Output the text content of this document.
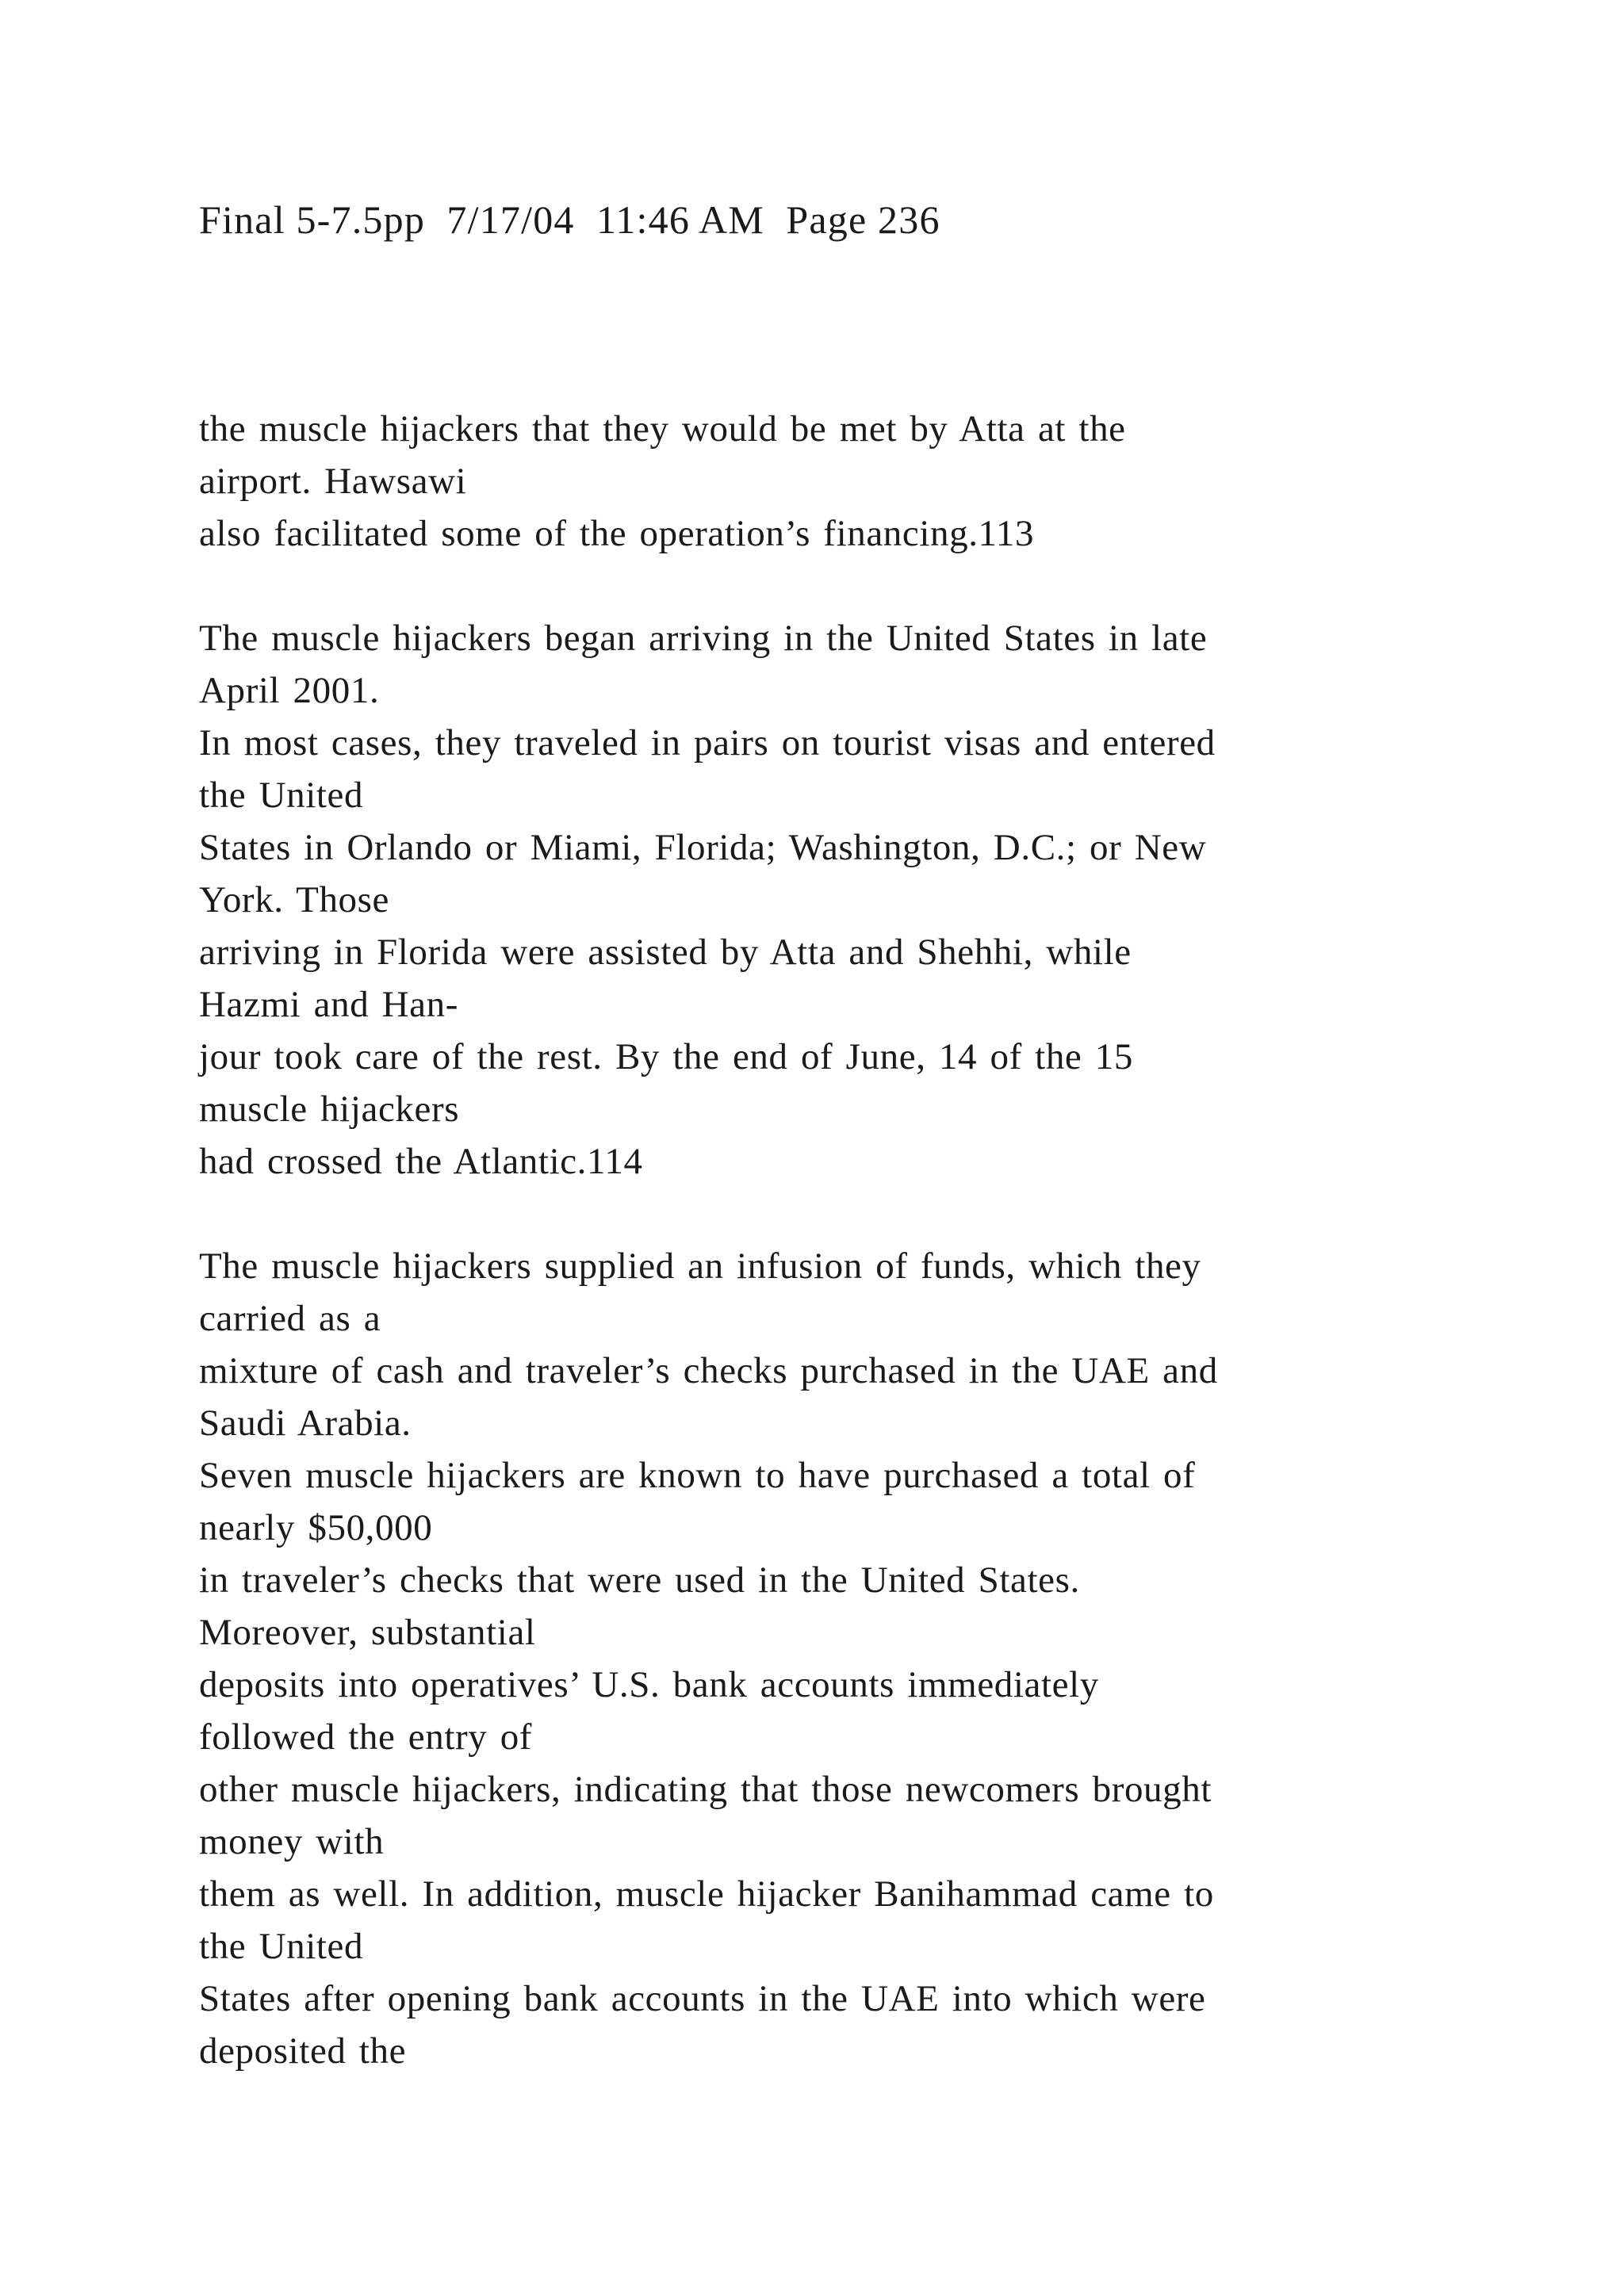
Final 5-7.5pp  7/17/04  11:46 AM  Page 236
the muscle hijackers that they would be met by Atta at the
airport. Hawsawi
also facilitated some of the operation’s financing.113
The muscle hijackers began arriving in the United States in late
April 2001.
In most cases, they traveled in pairs on tourist visas and entered
the United
States in Orlando or Miami, Florida; Washington, D.C.; or New
York. Those
arriving in Florida were assisted by Atta and Shehhi, while
Hazmi and Han-
jour took care of the rest. By the end of June, 14 of the 15
muscle hijackers
had crossed the Atlantic.114
The muscle hijackers supplied an infusion of funds, which they
carried as a
mixture of cash and traveler’s checks purchased in the UAE and
Saudi Arabia.
Seven muscle hijackers are known to have purchased a total of
nearly $50,000
in traveler’s checks that were used in the United States.
Moreover, substantial
deposits into operatives’ U.S. bank accounts immediately
followed the entry of
other muscle hijackers, indicating that those newcomers brought
money with
them as well. In addition, muscle hijacker Banihammad came to
the United
States after opening bank accounts in the UAE into which were
deposited the
